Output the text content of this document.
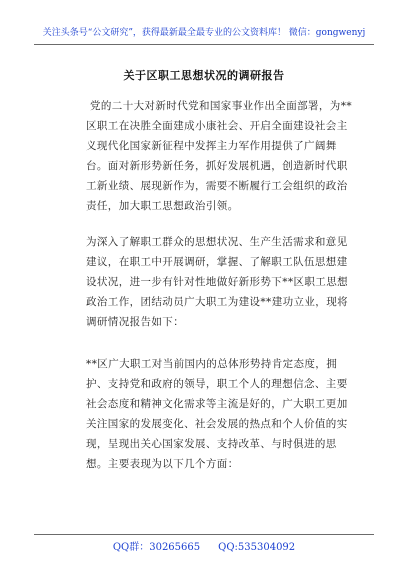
关注头条号“公文研究”，获得最新最全最专业的公文资料库！ 微信：gongwenyj
关于区职工思想状况的调研报告
党的二十大对新时代党和国家事业作出全面部署，为**区职工在决胜全面建成小康社会、开启全面建设社会主义现代化国家新征程中发挥主力军作用提供了广阔舞台。面对新形势新任务，抓好发展机遇，创造新时代职工新业绩、展现新作为，需要不断履行工会组织的政治责任，加大职工思想政治引领。
为深入了解职工群众的思想状况、生产生活需求和意见建议，在职工中开展调研，掌握、了解职工队伍思想建设状况，进一步有针对性地做好新形势下**区职工思想政治工作，团结动员广大职工为建设**建功立业，现将调研情况报告如下：
**区广大职工对当前国内的总体形势持肯定态度，拥护、支持党和政府的领导，职工个人的理想信念、主要社会态度和精神文化需求等主流是好的，广大职工更加关注国家的发展变化、社会发展的热点和个人价值的实现，呈现出关心国家发展、支持改革、与时俱进的思想。主要表现为以下几个方面：
QQ群：30265665 QQ:535304092
